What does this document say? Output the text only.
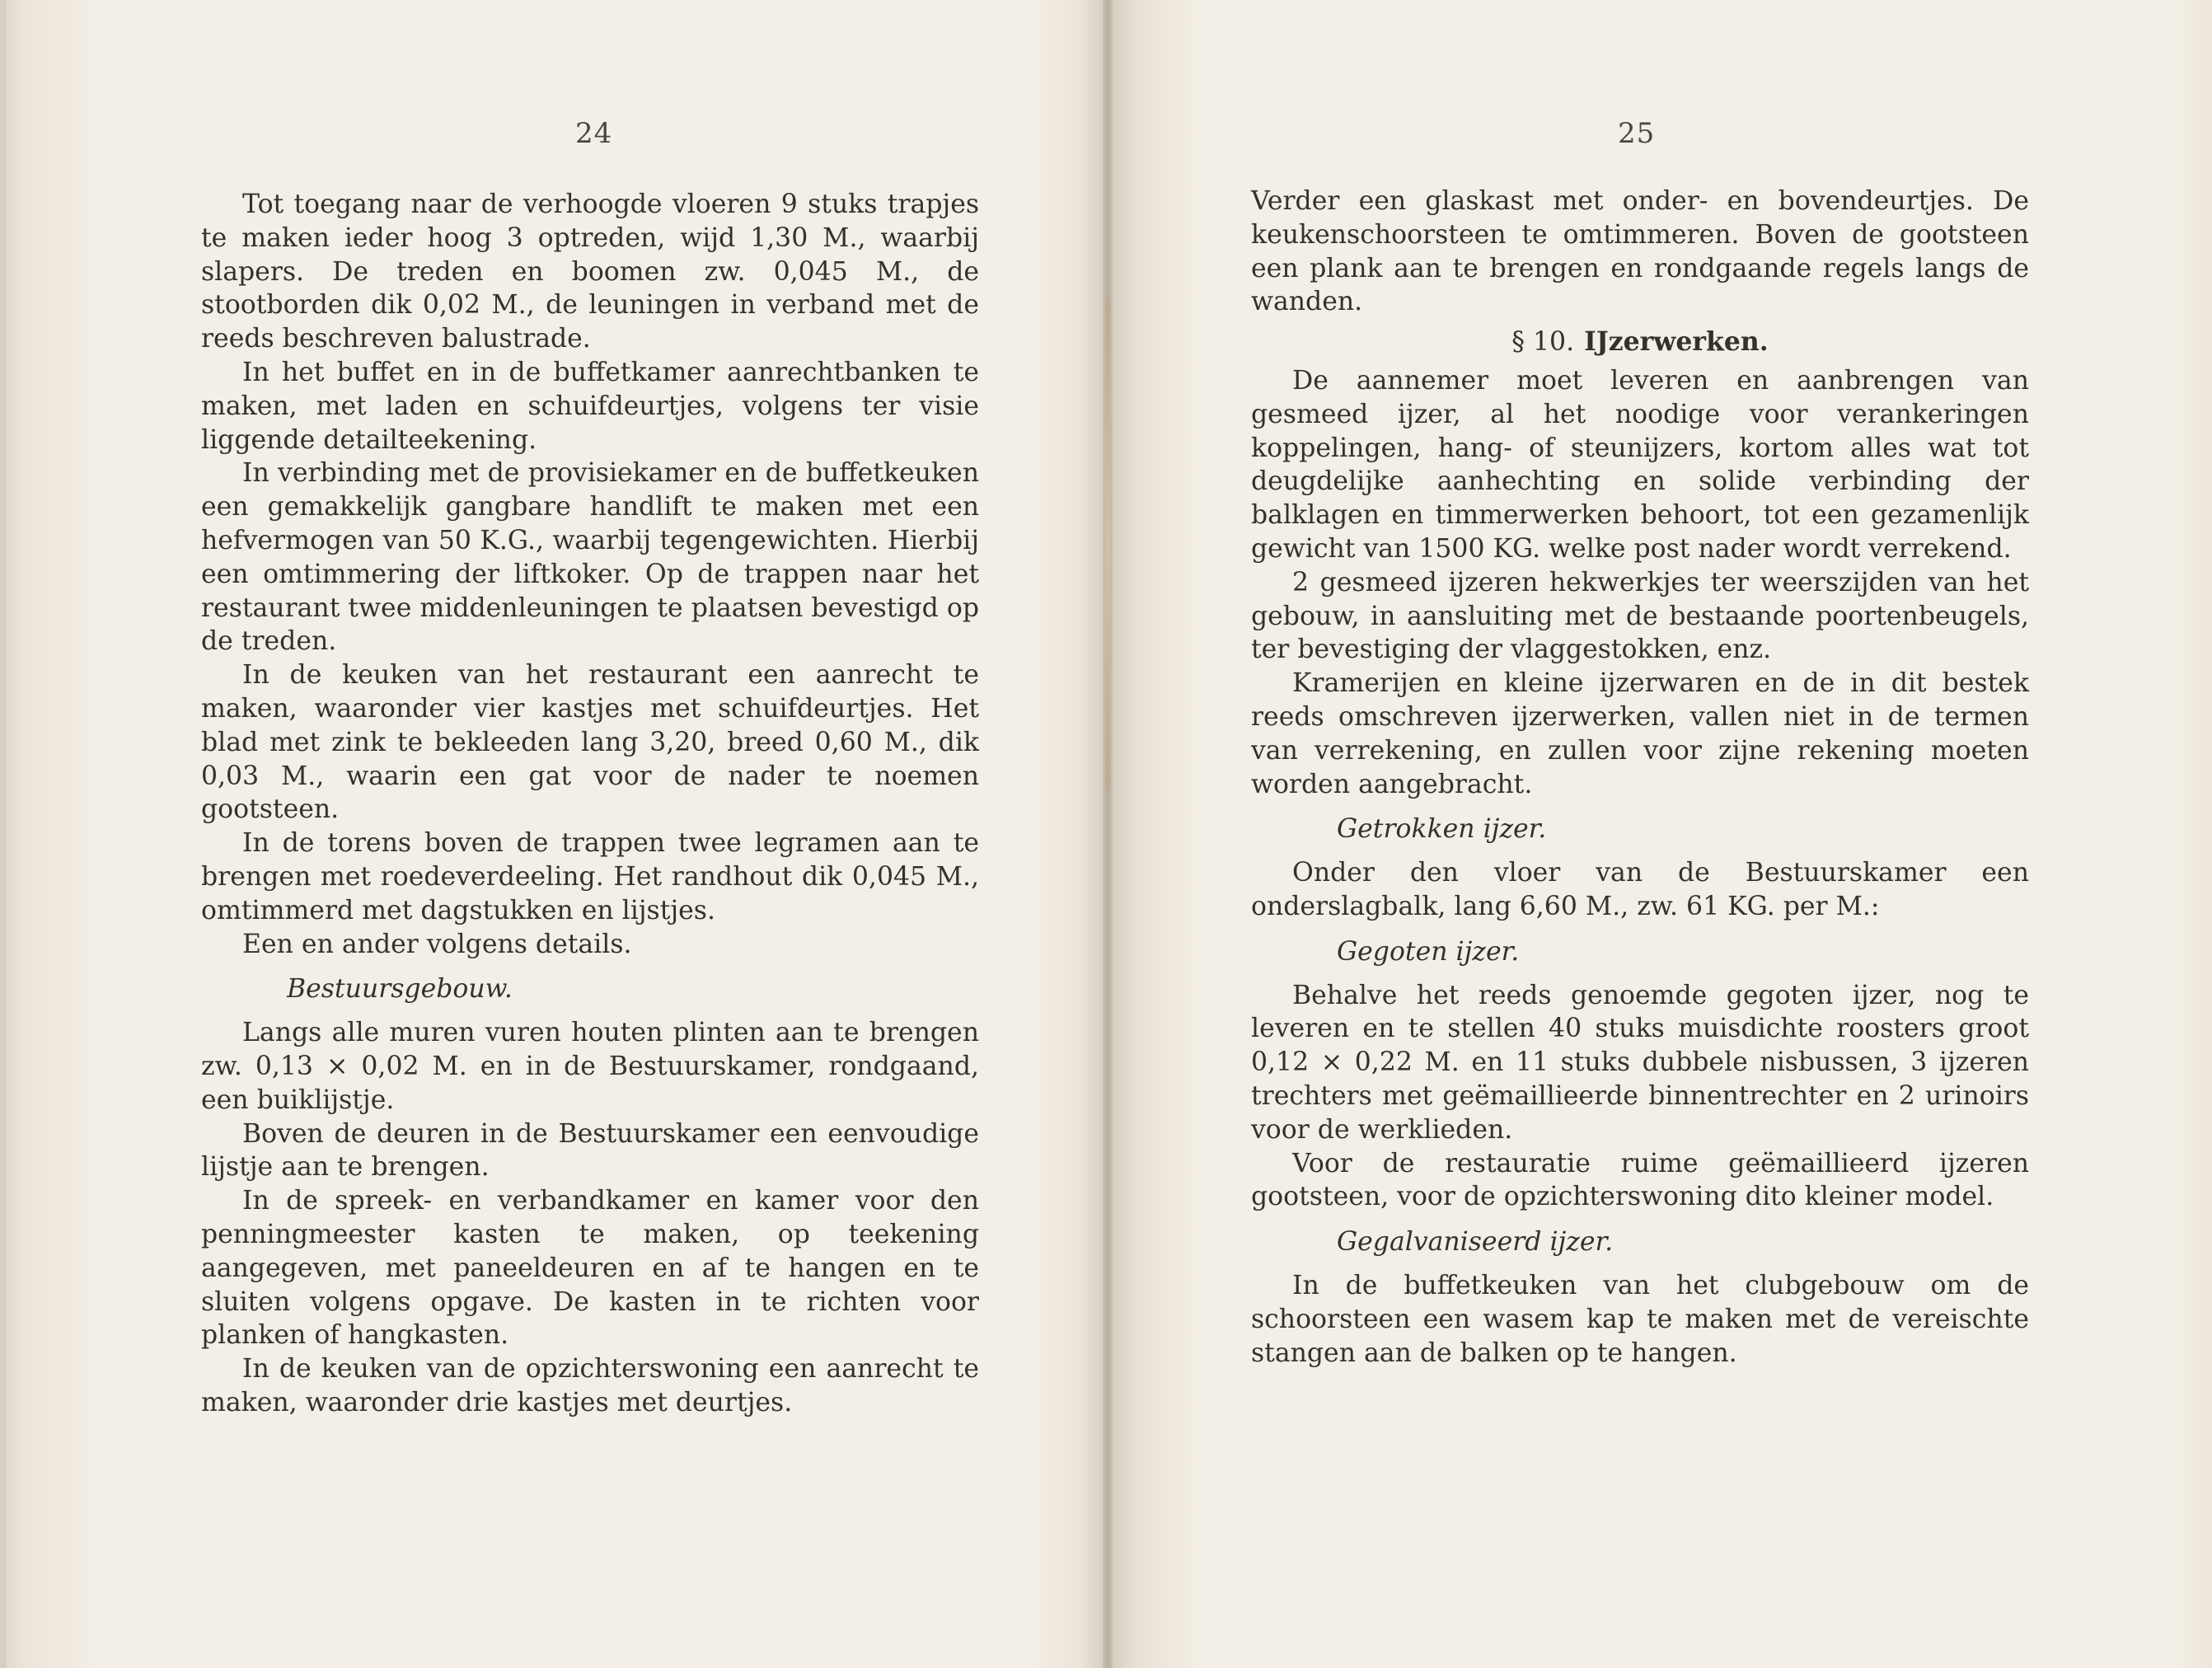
24

Tot toegang naar de verhoogde vloeren 9 stuks trapjes te maken ieder hoog 3 optreden, wijd 1,30 M., waarbij slapers. De treden en boomen zw. 0,045 M., de stootborden dik 0,02 M., de leuningen in verband met de reeds beschreven balustrade.

In het buffet en in de buffetkamer aanrechtbanken te maken, met laden en schuifdeurtjes, volgens ter visie liggende detailteekening.

In verbinding met de provisiekamer en de buffetkeuken een gemakkelijk gangbare handlift te maken met een hefvermogen van 50 K.G., waarbij tegengewichten. Hierbij een omtimmering der liftkoker. Op de trappen naar het restaurant twee middenleuningen te plaatsen bevestigd op de treden.

In de keuken van het restaurant een aanrecht te maken, waaronder vier kastjes met schuifdeurtjes. Het blad met zink te bekleeden lang 3,20, breed 0,60 M., dik 0,03 M., waarin een gat voor de nader te noemen gootsteen.

In de torens boven de trappen twee legramen aan te brengen met roedeverdeeling. Het randhout dik 0,045 M., omtimmerd met dagstukken en lijstjes.

Een en ander volgens details.

Bestuursgebouw.

Langs alle muren vuren houten plinten aan te brengen zw. 0,13 × 0,02 M. en in de Bestuurskamer, rondgaand, een buiklijstje.

Boven de deuren in de Bestuurskamer een eenvoudige lijstje aan te brengen.

In de spreek- en verbandkamer en kamer voor den penningmeester kasten te maken, op teekening aangegeven, met paneeldeuren en af te hangen en te sluiten volgens opgave. De kasten in te richten voor planken of hangkasten.

In de keuken van de opzichterswoning een aanrecht te maken, waaronder drie kastjes met deurtjes.

25

Verder een glaskast met onder- en bovendeurtjes. De keukenschoorsteen te omtimmeren. Boven de gootsteen een plank aan te brengen en rondgaande regels langs de wanden.

§ 10. IJzerwerken.

De aannemer moet leveren en aanbrengen van gesmeed ijzer, al het noodige voor verankeringen koppelingen, hang- of steunijzers, kortom alles wat tot deugdelijke aanhechting en solide verbinding der balklagen en timmerwerken behoort, tot een gezamenlijk gewicht van 1500 KG. welke post nader wordt verrekend.

2 gesmeed ijzeren hekwerkjes ter weerszijden van het gebouw, in aansluiting met de bestaande poortenbeugels, ter bevestiging der vlaggestokken, enz.

Kramerijen en kleine ijzerwaren en de in dit bestek reeds omschreven ijzerwerken, vallen niet in de termen van verrekening, en zullen voor zijne rekening moeten worden aangebracht.

Getrokken ijzer.

Onder den vloer van de Bestuurskamer een onderslagbalk, lang 6,60 M., zw. 61 KG. per M.:

Gegoten ijzer.

Behalve het reeds genoemde gegoten ijzer, nog te leveren en te stellen 40 stuks muisdichte roosters groot 0,12 × 0,22 M. en 11 stuks dubbele nisbussen, 3 ijzeren trechters met geëmaillieerde binnentrechter en 2 urinoirs voor de werklieden.

Voor de restauratie ruime geëmaillieerd ijzeren gootsteen, voor de opzichterswoning dito kleiner model.

Gegalvaniseerd ijzer.

In de buffetkeuken van het clubgebouw om de schoorsteen een wasem kap te maken met de vereischte stangen aan de balken op te hangen.
